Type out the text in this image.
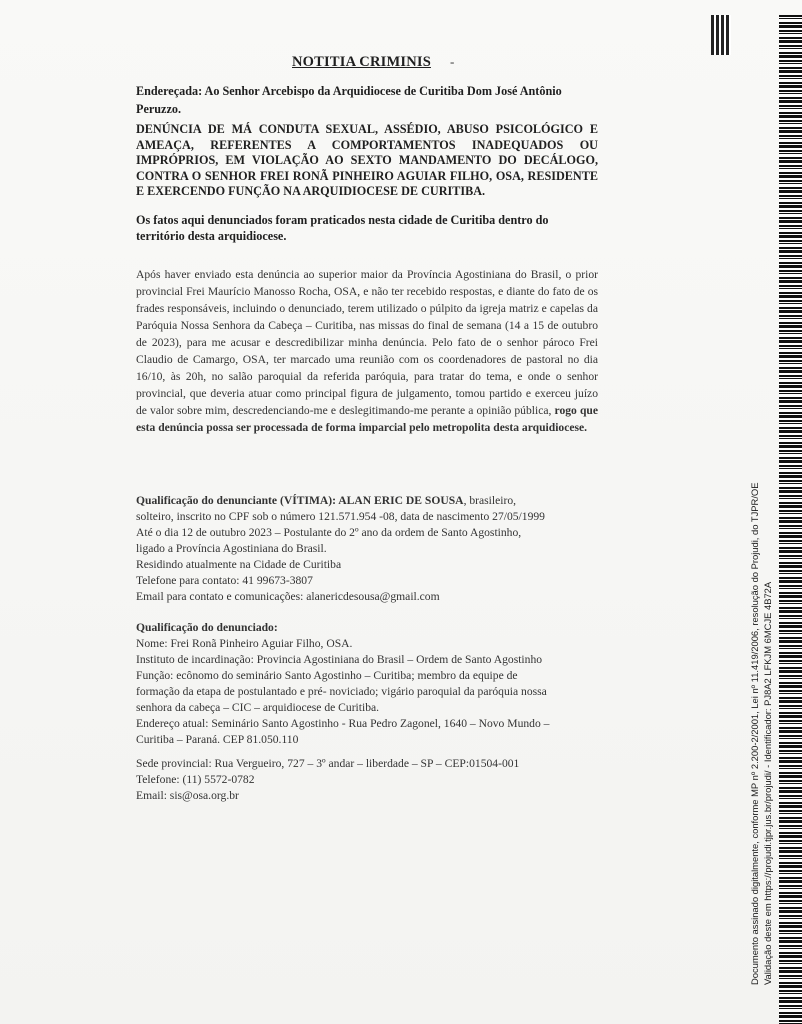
NOTITIA CRIMINIS -
Endereçada: Ao Senhor Arcebispo da Arquidiocese de Curitiba Dom José Antônio Peruzzo.
DENÚNCIA DE MÁ CONDUTA SEXUAL, ASSÉDIO, ABUSO PSICOLÓGICO E AMEAÇA, REFERENTES A COMPORTAMENTOS INADEQUADOS OU IMPRÓPRIOS, EM VIOLAÇÃO AO SEXTO MANDAMENTO DO DECÁLOGO, CONTRA O SENHOR FREI RONÃ PINHEIRO AGUIAR FILHO, OSA, RESIDENTE E EXERCENDO FUNÇÃO NA ARQUIDIOCESE DE CURITIBA.
Os fatos aqui denunciados foram praticados nesta cidade de Curitiba dentro do território desta arquidiocese.
Após haver enviado esta denúncia ao superior maior da Província Agostiniana do Brasil, o prior provincial Frei Maurício Manosso Rocha, OSA, e não ter recebido respostas, e diante do fato de os frades responsáveis, incluindo o denunciado, terem utilizado o púlpito da igreja matriz e capelas da Paróquia Nossa Senhora da Cabeça – Curitiba, nas missas do final de semana (14 a 15 de outubro de 2023), para me acusar e descredibilizar minha denúncia. Pelo fato de o senhor pároco Frei Claudio de Camargo, OSA, ter marcado uma reunião com os coordenadores de pastoral no dia 16/10, às 20h, no salão paroquial da referida paróquia, para tratar do tema, e onde o senhor provincial, que deveria atuar como principal figura de julgamento, tomou partido e exerceu juízo de valor sobre mim, descredenciando-me e deslegitimando-me perante a opinião pública, rogo que esta denúncia possa ser processada de forma imparcial pelo metropolita desta arquidiocese.
Qualificação do denunciante (VÍTIMA): ALAN ERIC DE SOUSA, brasileiro,
solteiro, inscrito no CPF sob o número 121.571.954 -08, data de nascimento 27/05/1999
Até o dia 12 de outubro 2023 – Postulante do 2º ano da ordem de Santo Agostinho,
ligado a Província Agostiniana do Brasil.
Residindo atualmente na Cidade de Curitiba
Telefone para contato: 41 99673-3807
Email para contato e comunicações: alanericdesousa@gmail.com
Qualificação do denunciado:
Nome: Frei Ronã Pinheiro Aguiar Filho, OSA.
Instituto de incardinação: Provincia Agostiniana do Brasil – Ordem de Santo Agostinho
Função: ecônomo do seminário Santo Agostinho – Curitiba; membro da equipe de
formação da etapa de postulantado e pré- noviciado; vigário paroquial da paróquia nossa
senhora da cabeça – CIC – arquidiocese de Curitiba.
Endereço atual: Seminário Santo Agostinho - Rua Pedro Zagonel, 1640 – Novo Mundo –
Curitiba – Paraná. CEP 81.050.110
Sede provincial: Rua Vergueiro, 727 – 3º andar – liberdade – SP – CEP:01504-001
Telefone: (11) 5572-0782
Email: sis@osa.org.br	Documento assinado digitalmente, conforme MP nº 2.200-2/2001, Lei nº 11.419/2006, resolução do Projudi, do TJPR/OE Validação deste em https://projudi.tjpr.jus.br/projudi/ - Identificador: PJ8A2 LFKJM 6MCJE 4B72A
